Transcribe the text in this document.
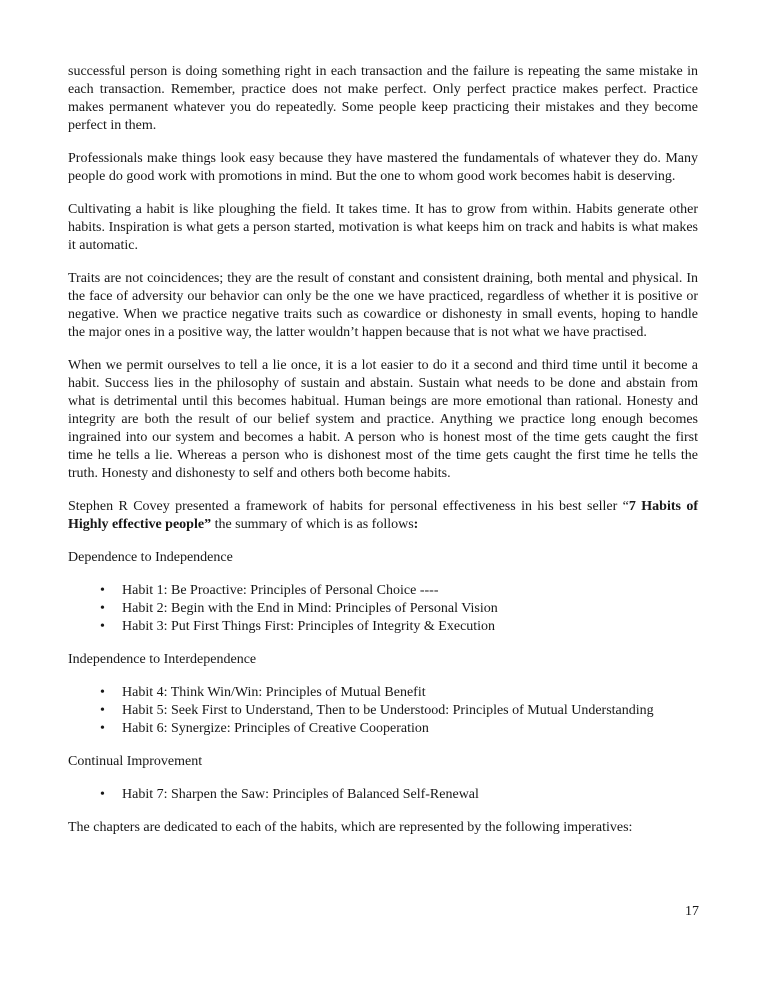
successful person is doing something right in each transaction and the failure is repeating the same mistake in each transaction. Remember, practice does not make perfect. Only perfect practice makes perfect. Practice makes permanent whatever you do repeatedly. Some people keep practicing their mistakes and they become perfect in them.

Professionals make things look easy because they have mastered the fundamentals of whatever they do. Many people do good work with promotions in mind. But the one to whom good work becomes habit is deserving.

Cultivating a habit is like ploughing the field. It takes time. It has to grow from within. Habits generate other habits. Inspiration is what gets a person started, motivation is what keeps him on track and habits is what makes it automatic.

Traits are not coincidences; they are the result of constant and consistent draining, both mental and physical. In the face of adversity our behavior can only be the one we have practiced, regardless of whether it is positive or negative. When we practice negative traits such as cowardice or dishonesty in small events, hoping to handle the major ones in a positive way, the latter wouldn’t happen because that is not what we have practised.

When we permit ourselves to tell a lie once, it is a lot easier to do it a second and third time until it become a habit. Success lies in the philosophy of sustain and abstain. Sustain what needs to be done and abstain from what is detrimental until this becomes habitual. Human beings are more emotional than rational. Honesty and integrity are both the result of our belief system and practice. Anything we practice long enough becomes ingrained into our system and becomes a habit. A person who is honest most of the time gets caught the first time he tells a lie. Whereas a person who is dishonest most of the time gets caught the first time he tells the truth. Honesty and dishonesty to self and others both become habits.

Stephen R Covey presented a framework of habits for personal effectiveness in his best seller “7 Habits of Highly effective people” the summary of which is as follows:

Dependence to Independence

• Habit 1: Be Proactive: Principles of Personal Choice ----
• Habit 2: Begin with the End in Mind: Principles of Personal Vision
• Habit 3: Put First Things First: Principles of Integrity & Execution

Independence to Interdependence

• Habit 4: Think Win/Win: Principles of Mutual Benefit
• Habit 5: Seek First to Understand, Then to be Understood: Principles of Mutual Understanding
• Habit 6: Synergize: Principles of Creative Cooperation

Continual Improvement

• Habit 7: Sharpen the Saw: Principles of Balanced Self-Renewal

The chapters are dedicated to each of the habits, which are represented by the following imperatives:

17
